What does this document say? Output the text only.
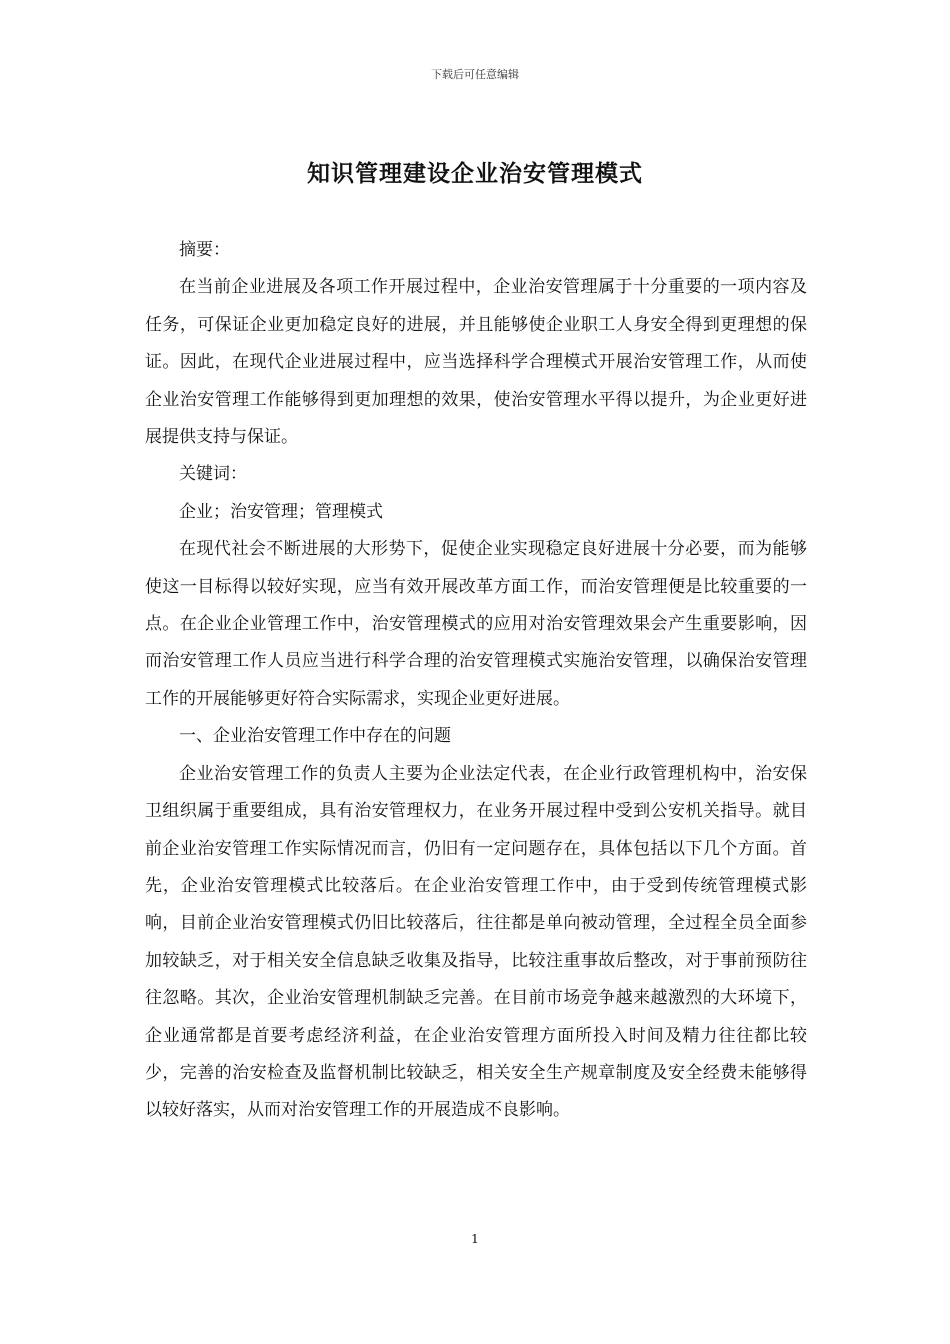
下载后可任意编辑
知识管理建设企业治安管理模式

摘要：

在当前企业进展及各项工作开展过程中，企业治安管理属于十分重要的一项内容及任务，可保证企业更加稳定良好的进展，并且能够使企业职工人身安全得到更理想的保证。因此，在现代企业进展过程中，应当选择科学合理模式开展治安管理工作，从而使企业治安管理工作能够得到更加理想的效果，使治安管理水平得以提升，为企业更好进展提供支持与保证。

关键词：

企业；治安管理；管理模式

在现代社会不断进展的大形势下，促使企业实现稳定良好进展十分必要，而为能够使这一目标得以较好实现，应当有效开展改革方面工作，而治安管理便是比较重要的一点。在企业企业管理工作中，治安管理模式的应用对治安管理效果会产生重要影响，因而治安管理工作人员应当进行科学合理的治安管理模式实施治安管理，以确保治安管理工作的开展能够更好符合实际需求，实现企业更好进展。

一、企业治安管理工作中存在的问题

企业治安管理工作的负责人主要为企业法定代表，在企业行政管理机构中，治安保卫组织属于重要组成，具有治安管理权力，在业务开展过程中受到公安机关指导。就目前企业治安管理工作实际情况而言，仍旧有一定问题存在，具体包括以下几个方面。首先，企业治安管理模式比较落后。在企业治安管理工作中，由于受到传统管理模式影响，目前企业治安管理模式仍旧比较落后，往往都是单向被动管理，全过程全员全面参加较缺乏，对于相关安全信息缺乏收集及指导，比较注重事故后整改，对于事前预防往往忽略。其次，企业治安管理机制缺乏完善。在目前市场竞争越来越激烈的大环境下，企业通常都是首要考虑经济利益，在企业治安管理方面所投入时间及精力往往都比较少，完善的治安检查及监督机制比较缺乏，相关安全生产规章制度及安全经费未能够得以较好落实，从而对治安管理工作的开展造成不良影响。

1
